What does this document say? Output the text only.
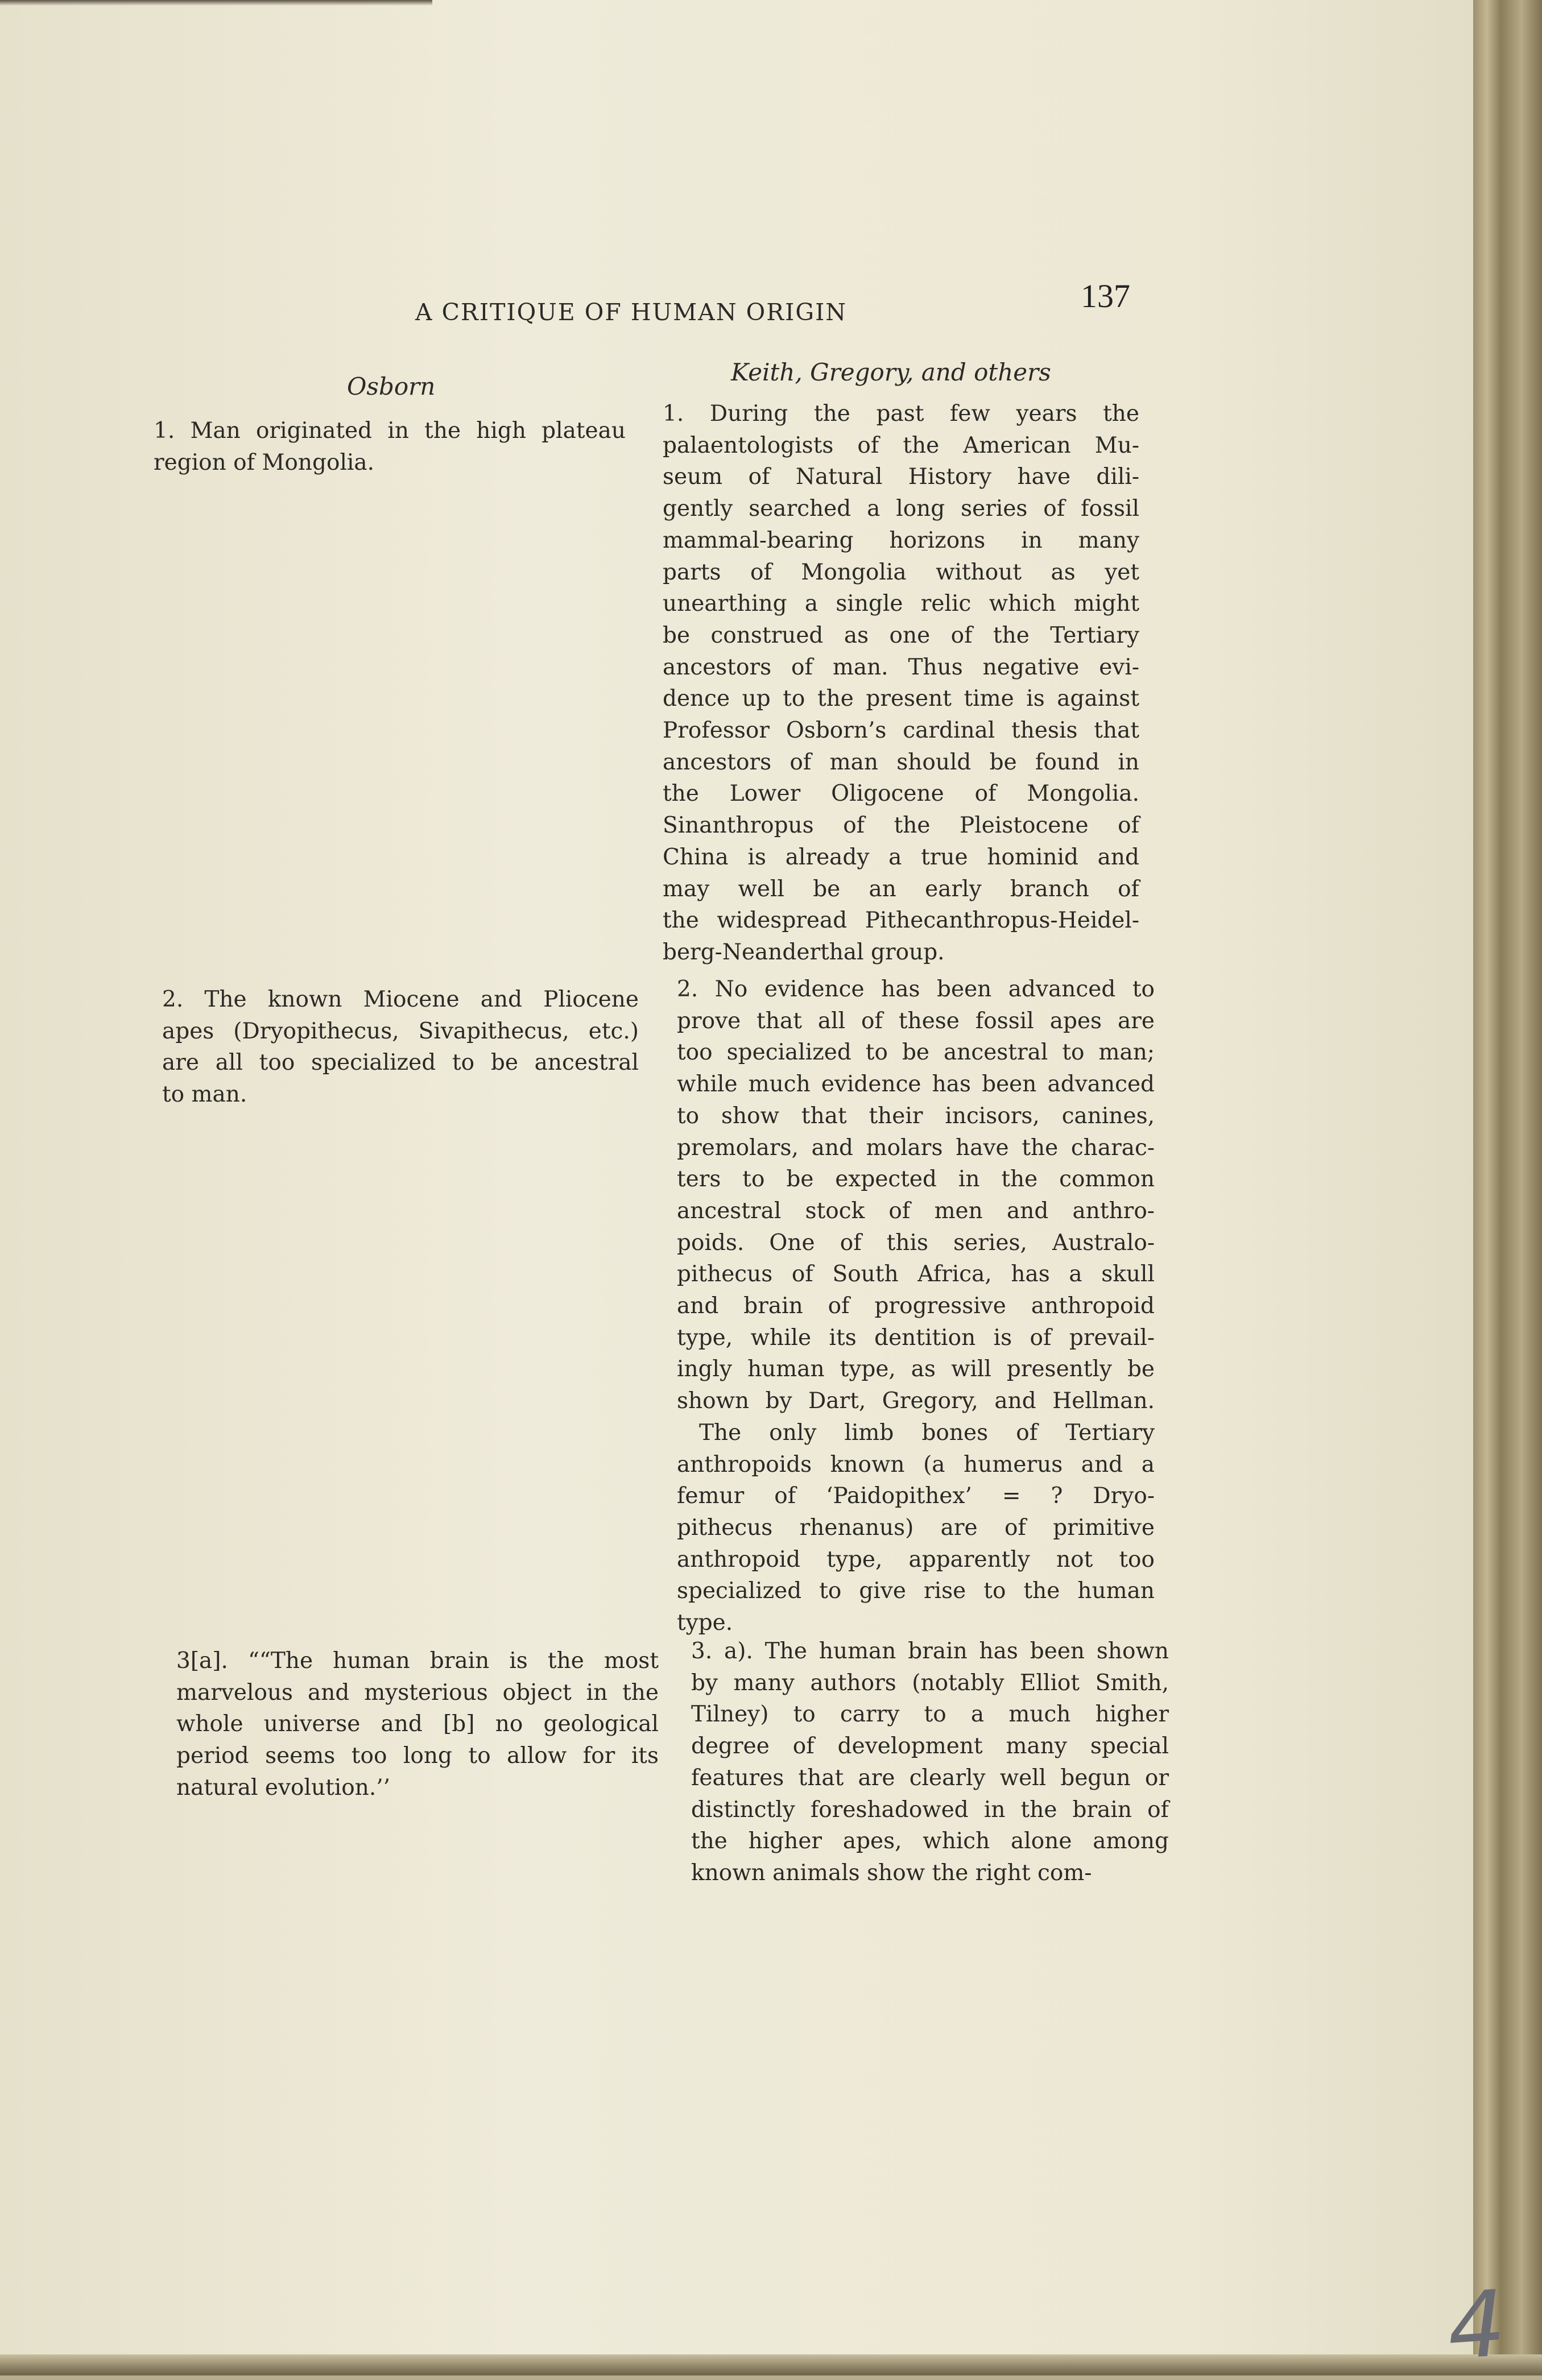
A CRITIQUE OF HUMAN ORIGIN	137
Osborn
Keith, Gregory, and others
1. Man originated in the high plateau
region of Mongolia.
2. The known Miocene and Pliocene
apes (Dryopithecus, Sivapithecus, etc.)
are all too specialized to be ancestral
to man.
3[a]. ““The human brain is the most
marvelous and mysterious object in the
whole universe and [b] no geological
period seems too long to allow for its
natural evolution.’’
1. During the past few years the
palaentologists of the American Mu-
seum of Natural History have dili-
gently searched a long series of fossil
mammal-bearing horizons in many
parts of Mongolia without as yet
unearthing a single relic which might
be construed as one of the Tertiary
ancestors of man. Thus negative evi-
dence up to the present time is against
Professor Osborn’s cardinal thesis that
ancestors of man should be found in
the Lower Oligocene of Mongolia.
Sinanthropus of the Pleistocene of
China is already a true hominid and
may well be an early branch of
the widespread Pithecanthropus-Heidel-
berg-Neanderthal group.
2. No evidence has been advanced to
prove that all of these fossil apes are
too specialized to be ancestral to man;
while much evidence has been advanced
to show that their incisors, canines,
premolars, and molars have the charac-
ters to be expected in the common
ancestral stock of men and anthro-
poids. One of this series, Australo-
pithecus of South Africa, has a skull
and brain of progressive anthropoid
type, while its dentition is of prevail-
ingly human type, as will presently be
shown by Dart, Gregory, and Hellman.
 The only limb bones of Tertiary
anthropoids known (a humerus and a
femur of ‘Paidopithex’ = ? Dryo-
pithecus rhenanus) are of primitive
anthropoid type, apparently not too
specialized to give rise to the human
type.
3. a). The human brain has been shown
by many authors (notably Elliot Smith,
Tilney) to carry to a much higher
degree of development many special
features that are clearly well begun or
distinctly foreshadowed in the brain of
the higher apes, which alone among
known animals show the right com-
4
